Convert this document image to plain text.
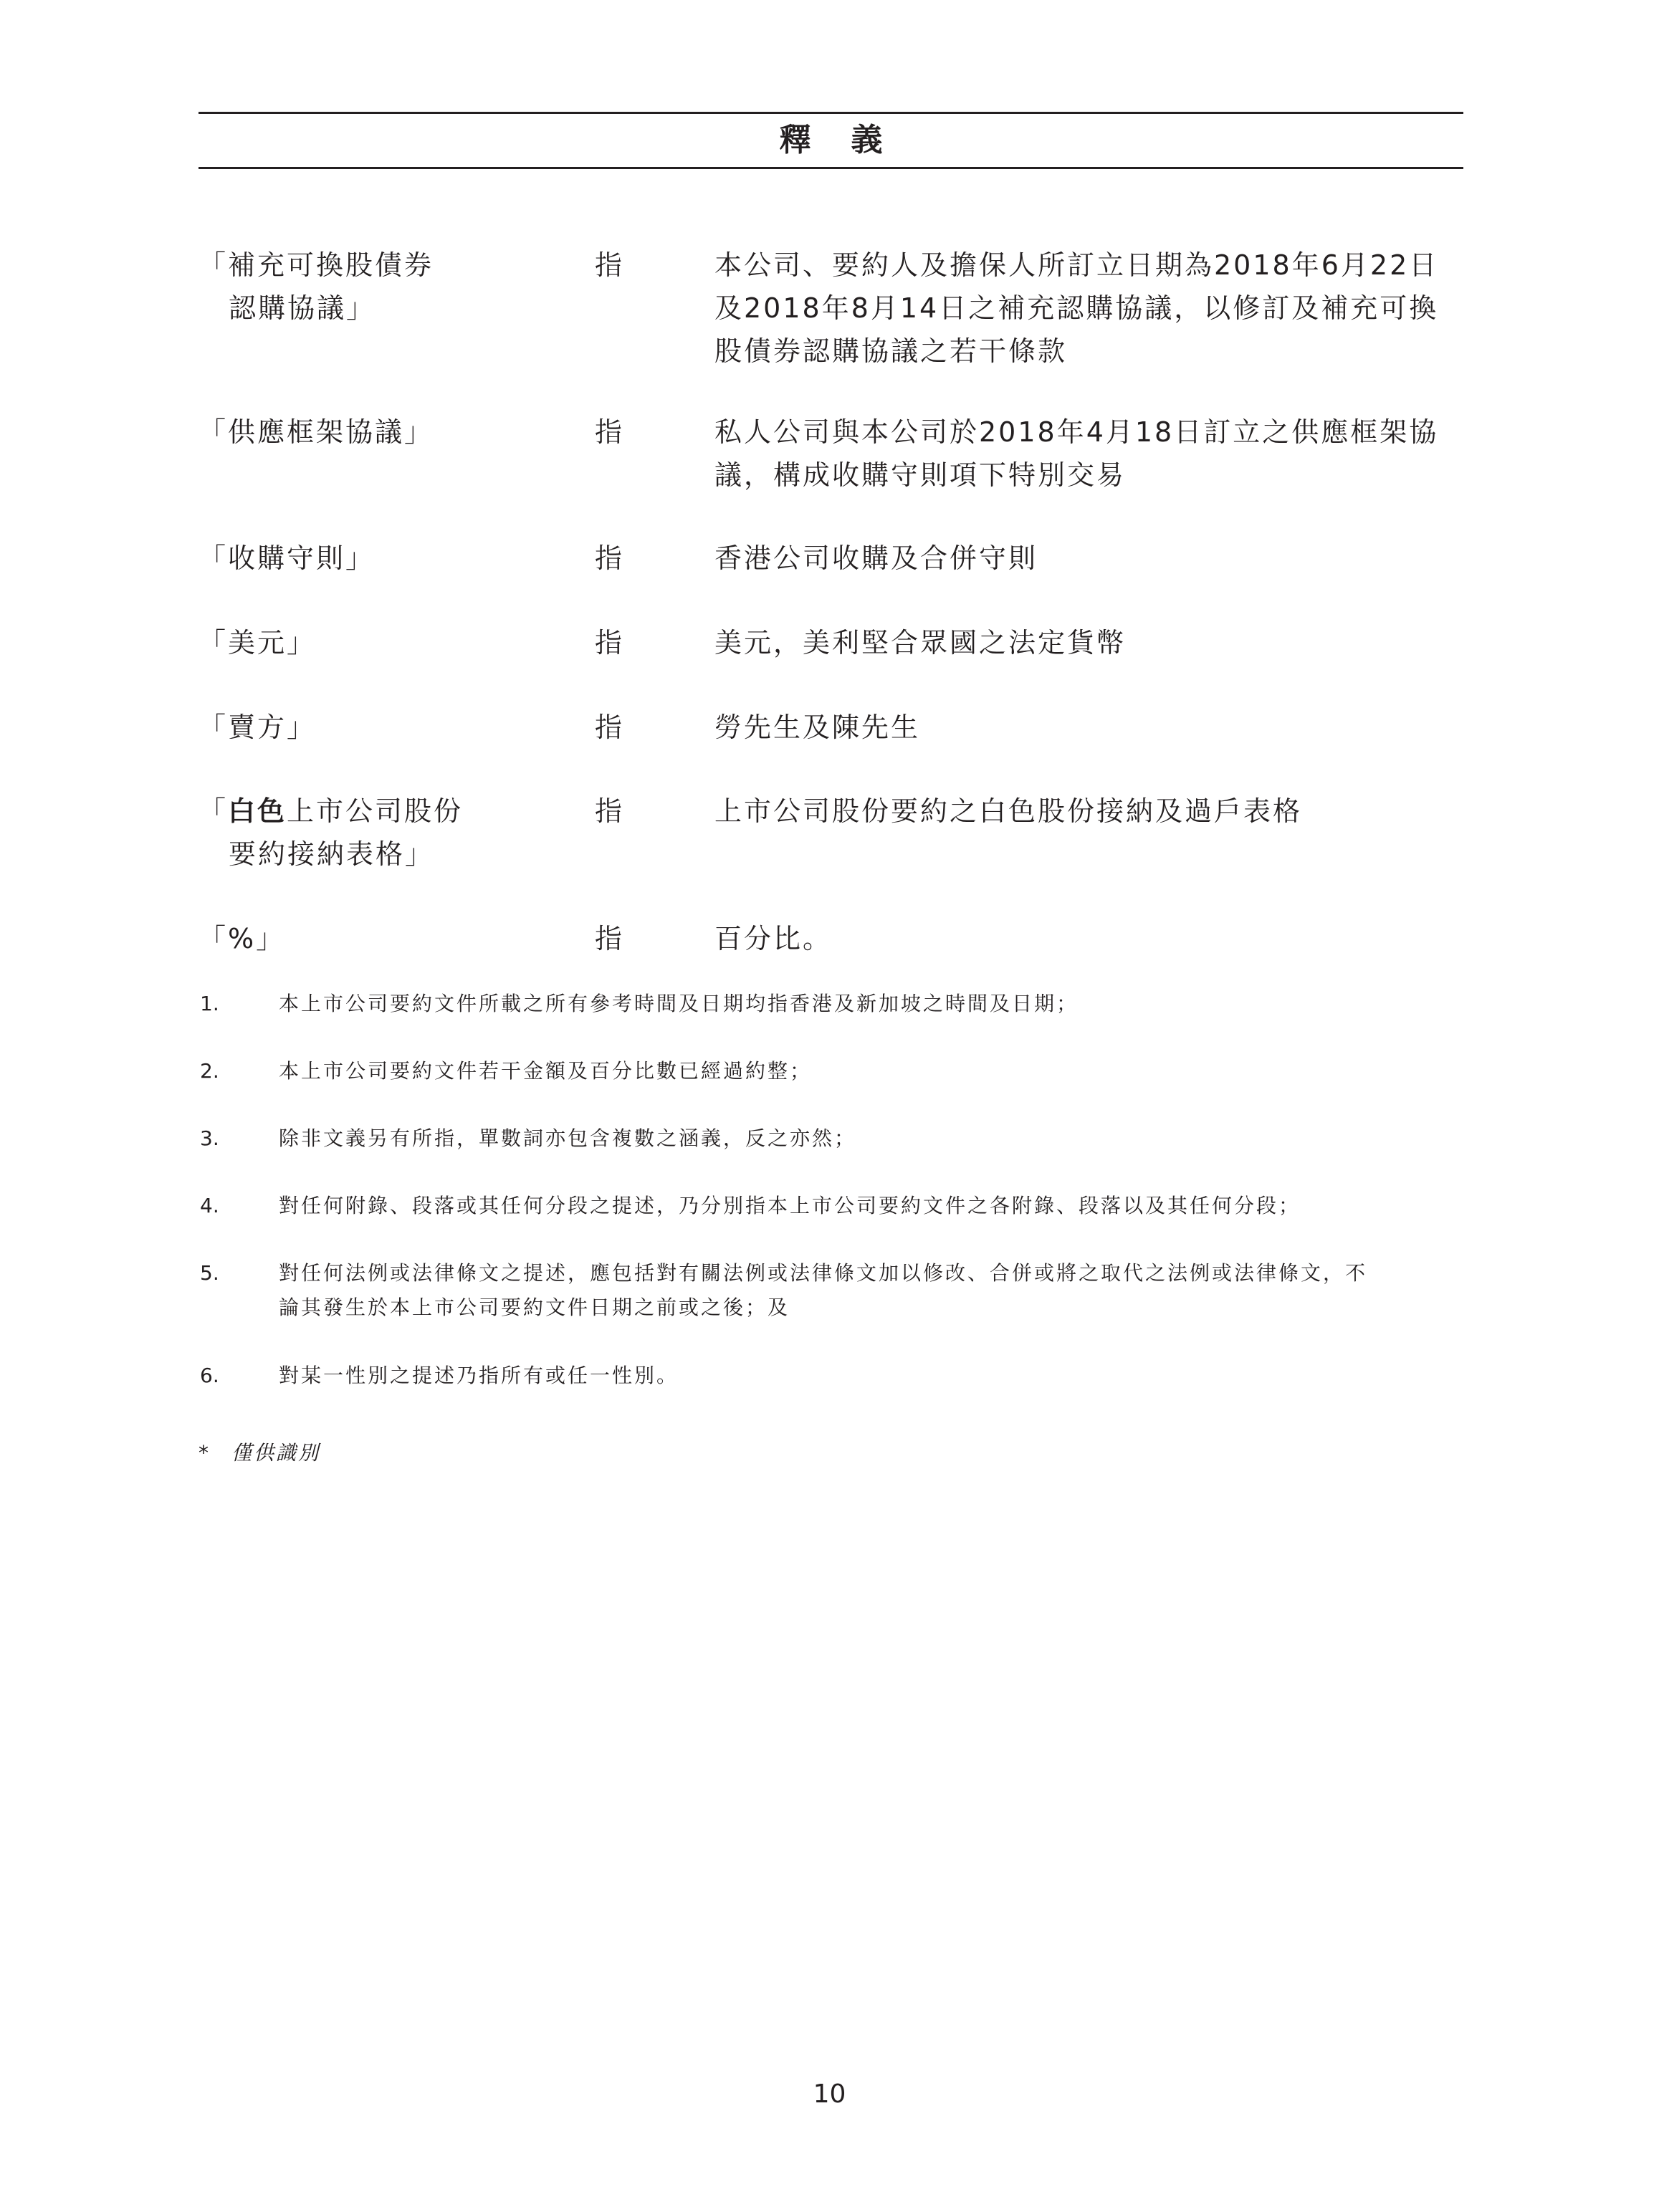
釋義
「補充可換股債券
認購協議」
指	本公司、要約人及擔保人所訂立日期為2018年6月22日
及2018年8月14日之補充認購協議，以修訂及補充可換
股債券認購協議之若干條款
「供應框架協議」	指	私人公司與本公司於2018年4月18日訂立之供應框架協
議，構成收購守則項下特別交易
「收購守則」	指	香港公司收購及合併守則
「美元」	指	美元，美利堅合眾國之法定貨幣
「賣方」	指	勞先生及陳先生
「白色上市公司股份
要約接納表格」
指	上市公司股份要約之白色股份接納及過戶表格
「%」	指	百分比。
1.	本上市公司要約文件所載之所有參考時間及日期均指香港及新加坡之時間及日期；
2.	本上市公司要約文件若干金額及百分比數已經過約整；
3.	除非文義另有所指，單數詞亦包含複數之涵義，反之亦然；
4.	對任何附錄、段落或其任何分段之提述，乃分別指本上市公司要約文件之各附錄、段落以及其任何分段；
5.	對任何法例或法律條文之提述，應包括對有關法例或法律條文加以修改、合併或將之取代之法例或法律條文，不
論其發生於本上市公司要約文件日期之前或之後；及
6.	對某一性別之提述乃指所有或任一性別。
* 僅供識別
10
